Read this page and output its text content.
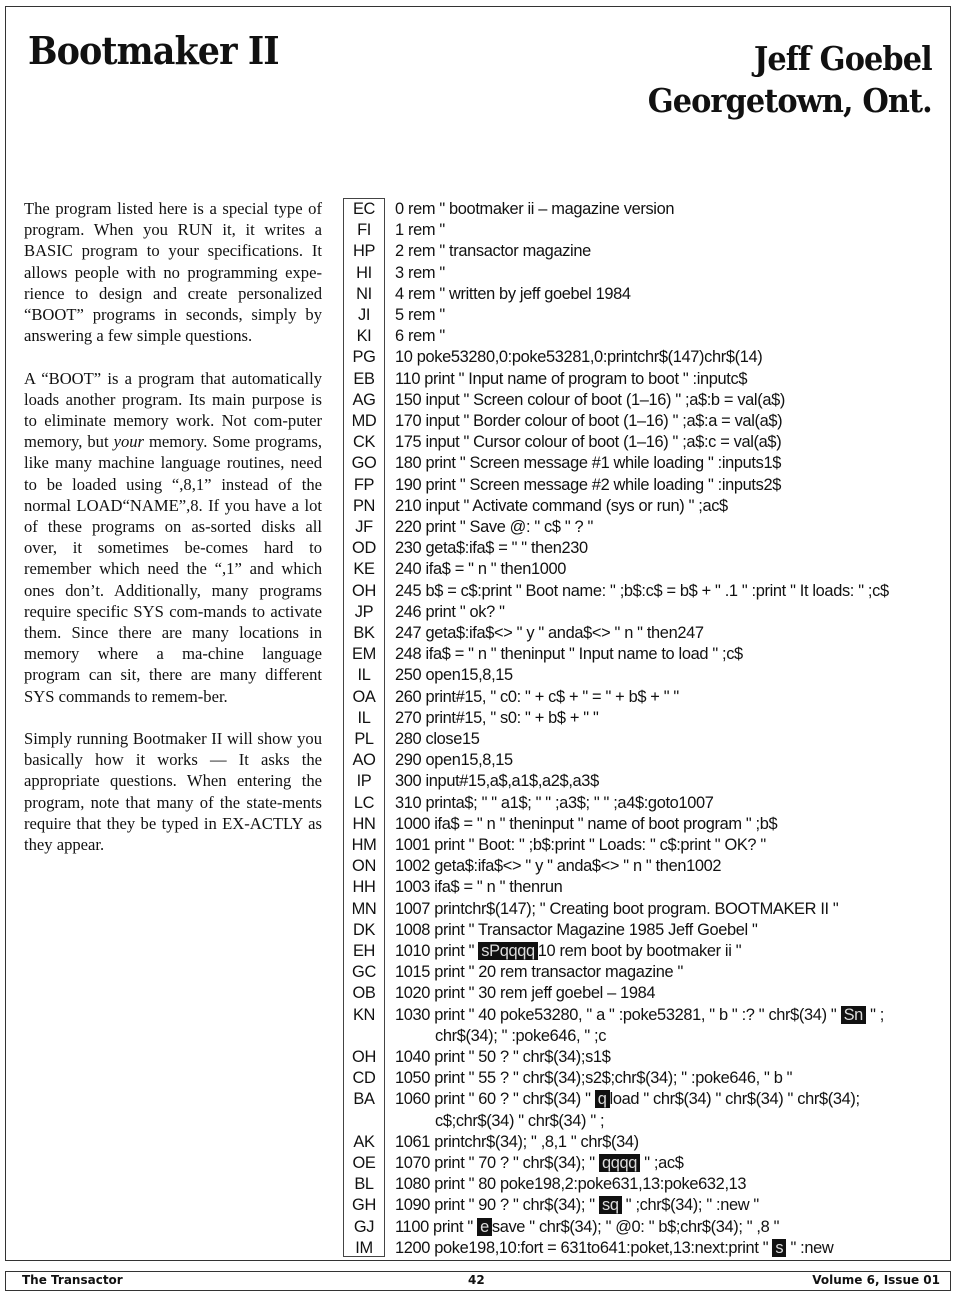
Bootmaker II	Jeff Goebel
Georgetown, Ont.

The program listed here is a special type of program. When you RUN it, it writes a BASIC program to your specifications. It allows people with no programming expe-rience to design and create personalized “BOOT” programs in seconds, simply by answering a few simple questions.

A “BOOT” is a program that automatically loads another program. Its main purpose is to eliminate memory work. Not com-puter memory, but your memory. Some programs, like many machine language routines, need to be loaded using “,8,1” instead of the normal LOAD“NAME”,8. If you have a lot of these programs on as-sorted disks all over, it sometimes be-comes hard to remember which need the “,1” and which ones don’t. Additionally, many programs require specific SYS com-mands to activate them. Since there are many locations in memory where a ma-chine language program can sit, there are many different SYS commands to remem-ber.

Simply running Bootmaker II will show you basically how it works — It asks the appropriate questions. When entering the program, note that many of the state-ments require that they be typed in EX-ACTLY as they appear.

EC	0 rem " bootmaker ii – magazine version
FI	1 rem "
HP	2 rem " transactor magazine
HI	3 rem "
NI	4 rem " written by jeff goebel 1984
JI	5 rem "
KI	6 rem "
PG	10 poke53280,0:poke53281,0:printchr$(147)chr$(14)
EB	110 print " Input name of program to boot " :inputc$
AG	150 input " Screen colour of boot (1–16) " ;a$:b = val(a$)
MD	170 input " Border colour of boot (1–16) " ;a$:a = val(a$)
CK	175 input " Cursor colour of boot (1–16) " ;a$:c = val(a$)
GO	180 print " Screen message #1 while loading " :inputs1$
FP	190 print " Screen message #2 while loading " :inputs2$
PN	210 input " Activate command (sys or run) " ;ac$
JF	220 print " Save @: " c$ " ? "
OD	230 geta$:ifa$ = " " then230
KE	240 ifa$ = " n " then1000
OH	245 b$ = c$:print " Boot name: " ;b$:c$ = b$ + " .1 " :print " It loads: " ;c$
JP	246 print " ok? "
BK	247 geta$:ifa$<> " y " anda$<> " n " then247
EM	248 ifa$ = " n " theninput " Input name to load " ;c$
IL	250 open15,8,15
OA	260 print#15, " c0: " + c$ + " = " + b$ + " "
IL	270 print#15, " s0: " + b$ + " "
PL	280 close15
AO	290 open15,8,15
IP	300 input#15,a$,a1$,a2$,a3$
LC	310 printa$; " " a1$; " " ;a3$; " " ;a4$:goto1007
HN	1000 ifa$ = " n " theninput " name of boot program " ;b$
HM	1001 print " Boot: " ;b$:print " Loads: " c$:print " OK? "
ON	1002 geta$:ifa$<> " y " anda$<> " n " then1002
HH	1003 ifa$ = " n " thenrun
MN	1007 printchr$(147); " Creating boot program. BOOTMAKER II "
DK	1008 print " Transactor Magazine 1985 Jeff Goebel "
EH	1010 print " sPqqqq 10 rem boot by bootmaker ii "
GC	1015 print " 20 rem transactor magazine "
OB	1020 print " 30 rem jeff goebel – 1984
KN	1030 print " 40 poke53280, " a " :poke53281, " b " :? " chr$(34) " Sn " ;
chr$(34); " :poke646, " ;c
OH	1040 print " 50 ? " chr$(34);s1$
CD	1050 print " 55 ? " chr$(34);s2$;chr$(34); " :poke646, " b "
BA	1060 print " 60 ? " chr$(34) " q load " chr$(34) " chr$(34) " chr$(34);
c$;chr$(34) " chr$(34) " ;
AK	1061 printchr$(34); " ,8,1 " chr$(34)
OE	1070 print " 70 ? " chr$(34); " qqqq " ;ac$
BL	1080 print " 80 poke198,2:poke631,13:poke632,13
GH	1090 print " 90 ? " chr$(34); " sq " ;chr$(34); " :new "
GJ	1100 print " e save " chr$(34); " @0: " b$;chr$(34); " ,8 "
IM	1200 poke198,10:fort = 631to641:poket,13:next:print " s " :new
The Transactor	42	Volume 6, Issue 01
